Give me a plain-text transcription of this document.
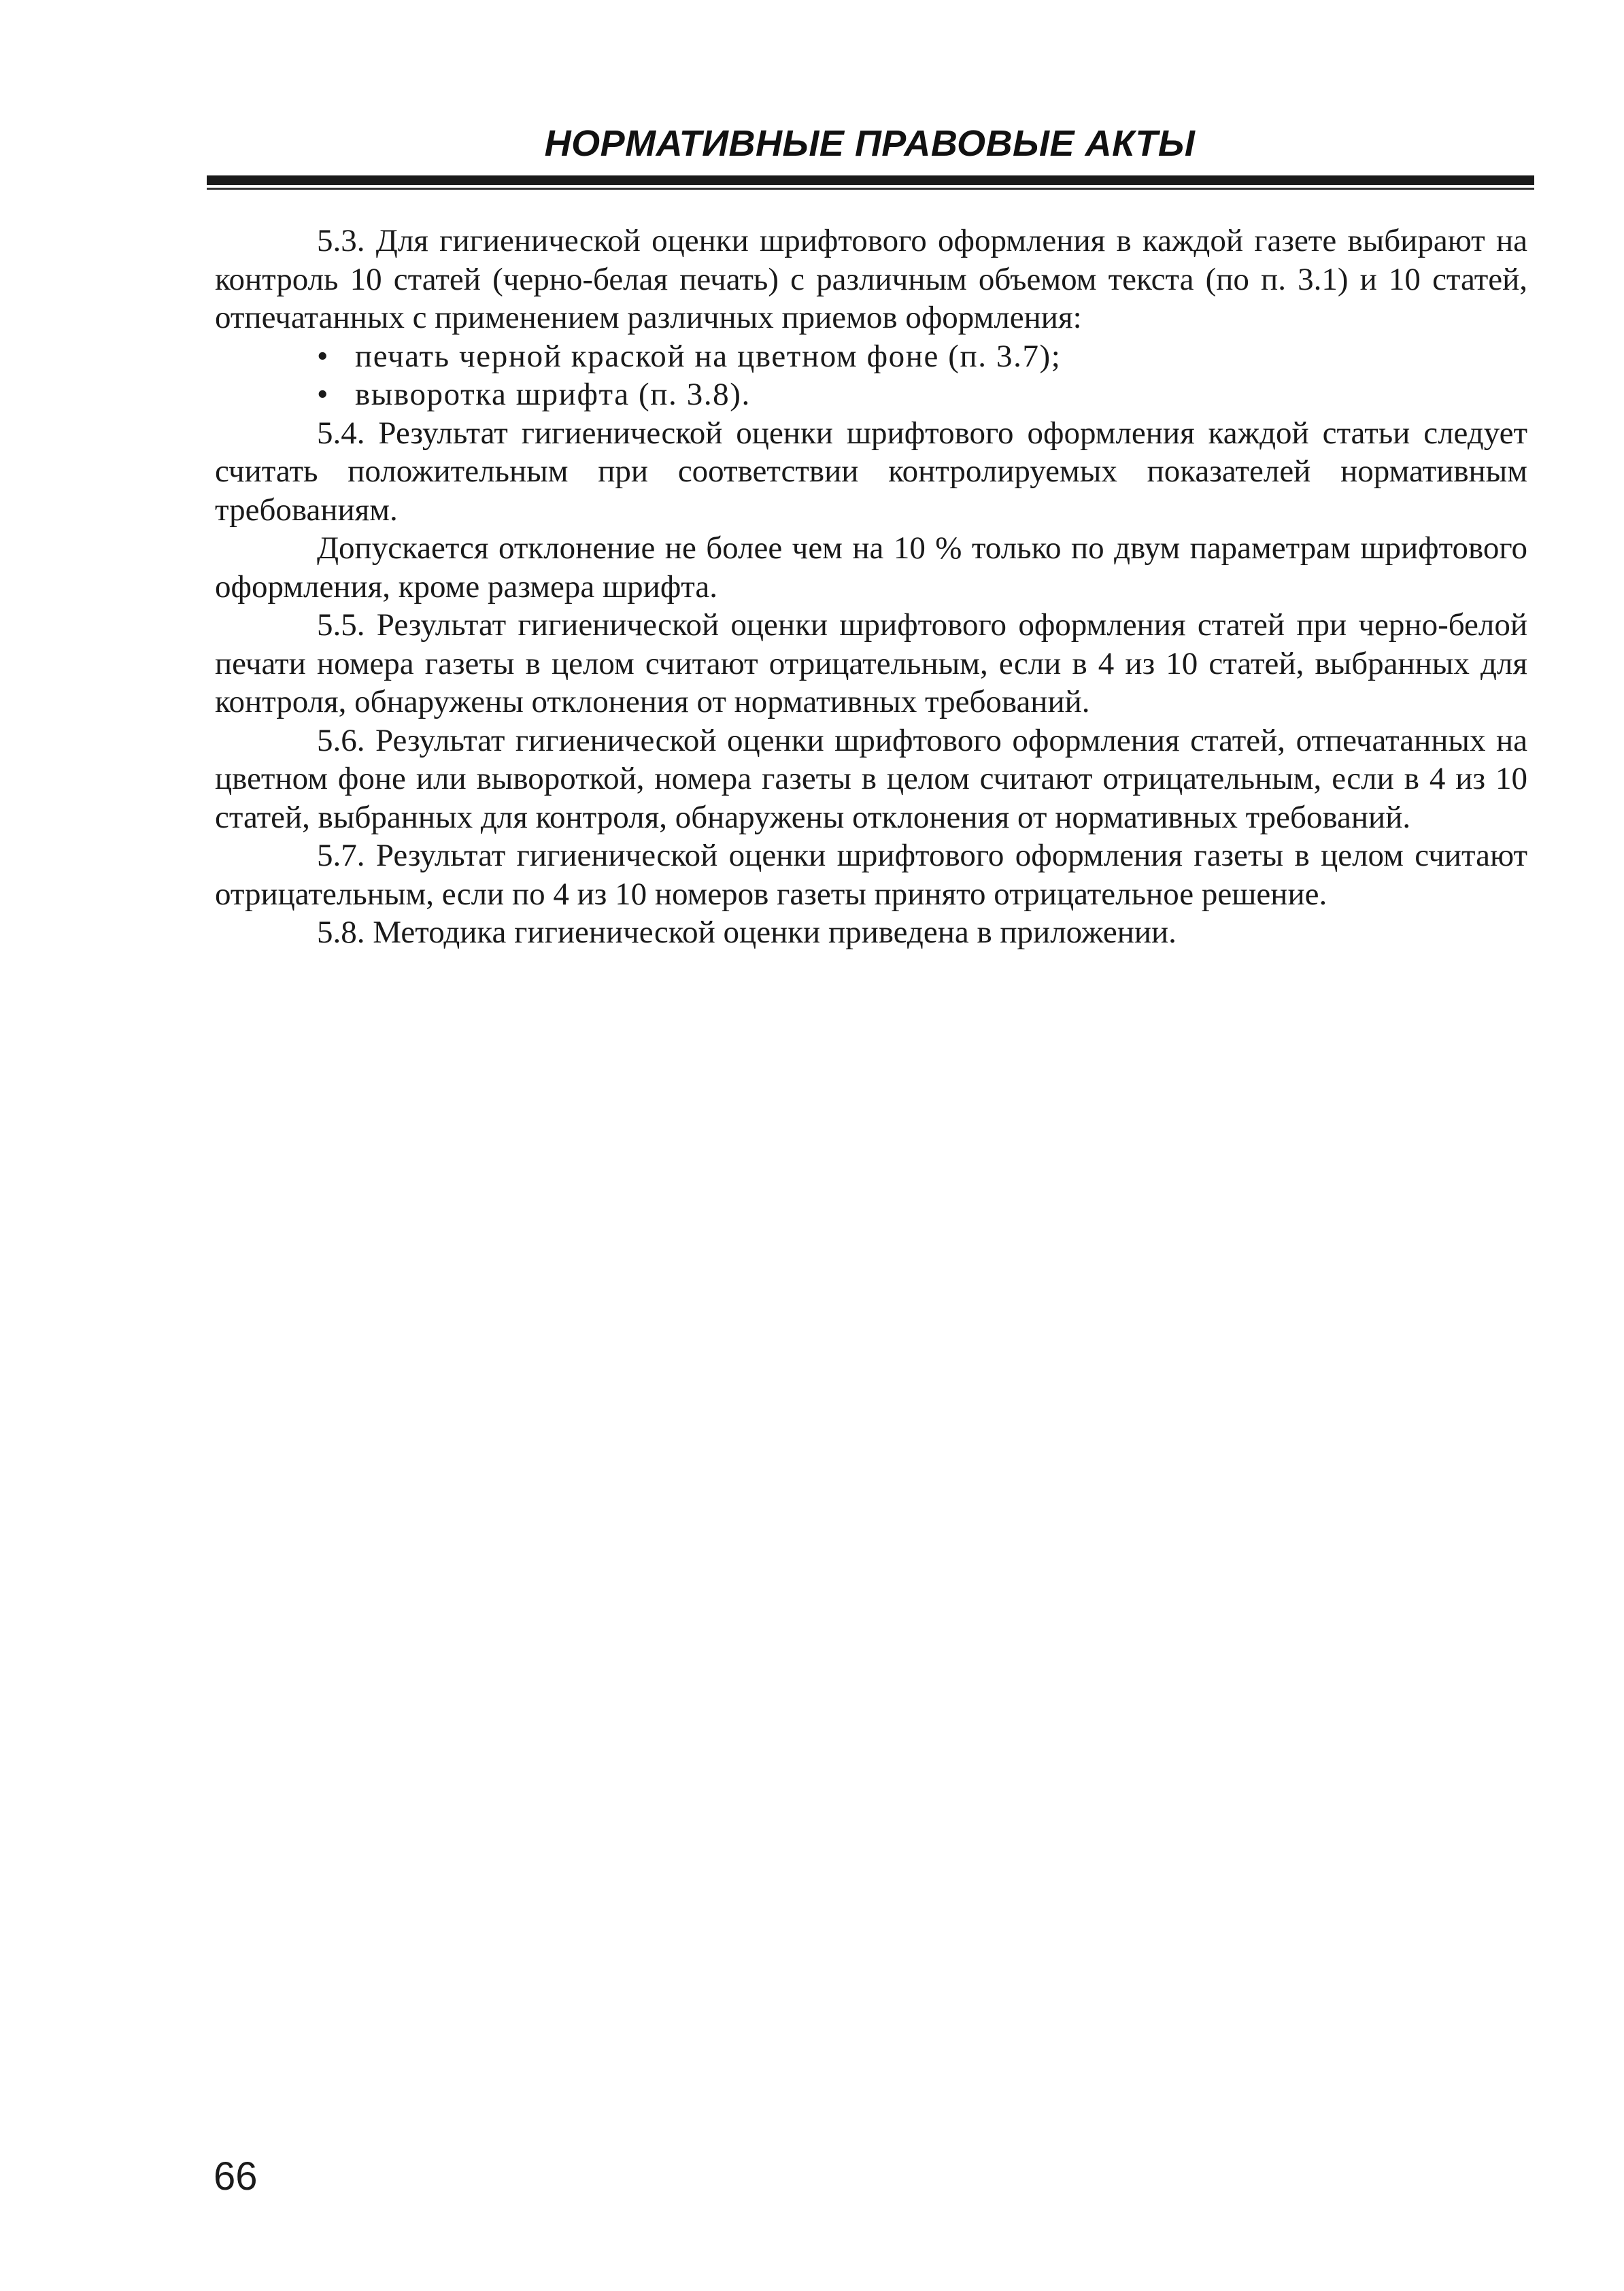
НОРМАТИВНЫЕ ПРАВОВЫЕ АКТЫ

5.3. Для гигиенической оценки шрифтового оформления в каждой газете выбирают на контроль 10 статей (черно-белая печать) с различным объемом текста (по п. 3.1) и 10 статей, отпечатанных с применением различных приемов оформления:

• печать черной краской на цветном фоне (п. 3.7);
• выворотка шрифта (п. 3.8).

5.4. Результат гигиенической оценки шрифтового оформления каждой статьи следует считать положительным при соответствии контролируемых показателей нормативным требованиям.

Допускается отклонение не более чем на 10 % только по двум параметрам шрифтового оформления, кроме размера шрифта.

5.5. Результат гигиенической оценки шрифтового оформления статей при черно-белой печати номера газеты в целом считают отрицательным, если в 4 из 10 статей, выбранных для контроля, обнаружены отклонения от нормативных требований.

5.6. Результат гигиенической оценки шрифтового оформления статей, отпечатанных на цветном фоне или вывороткой, номера газеты в целом считают отрицательным, если в 4 из 10 статей, выбранных для контроля, обнаружены отклонения от нормативных требований.

5.7. Результат гигиенической оценки шрифтового оформления газеты в целом считают отрицательным, если по 4 из 10 номеров газеты принято отрицательное решение.

5.8. Методика гигиенической оценки приведена в приложении.

66
